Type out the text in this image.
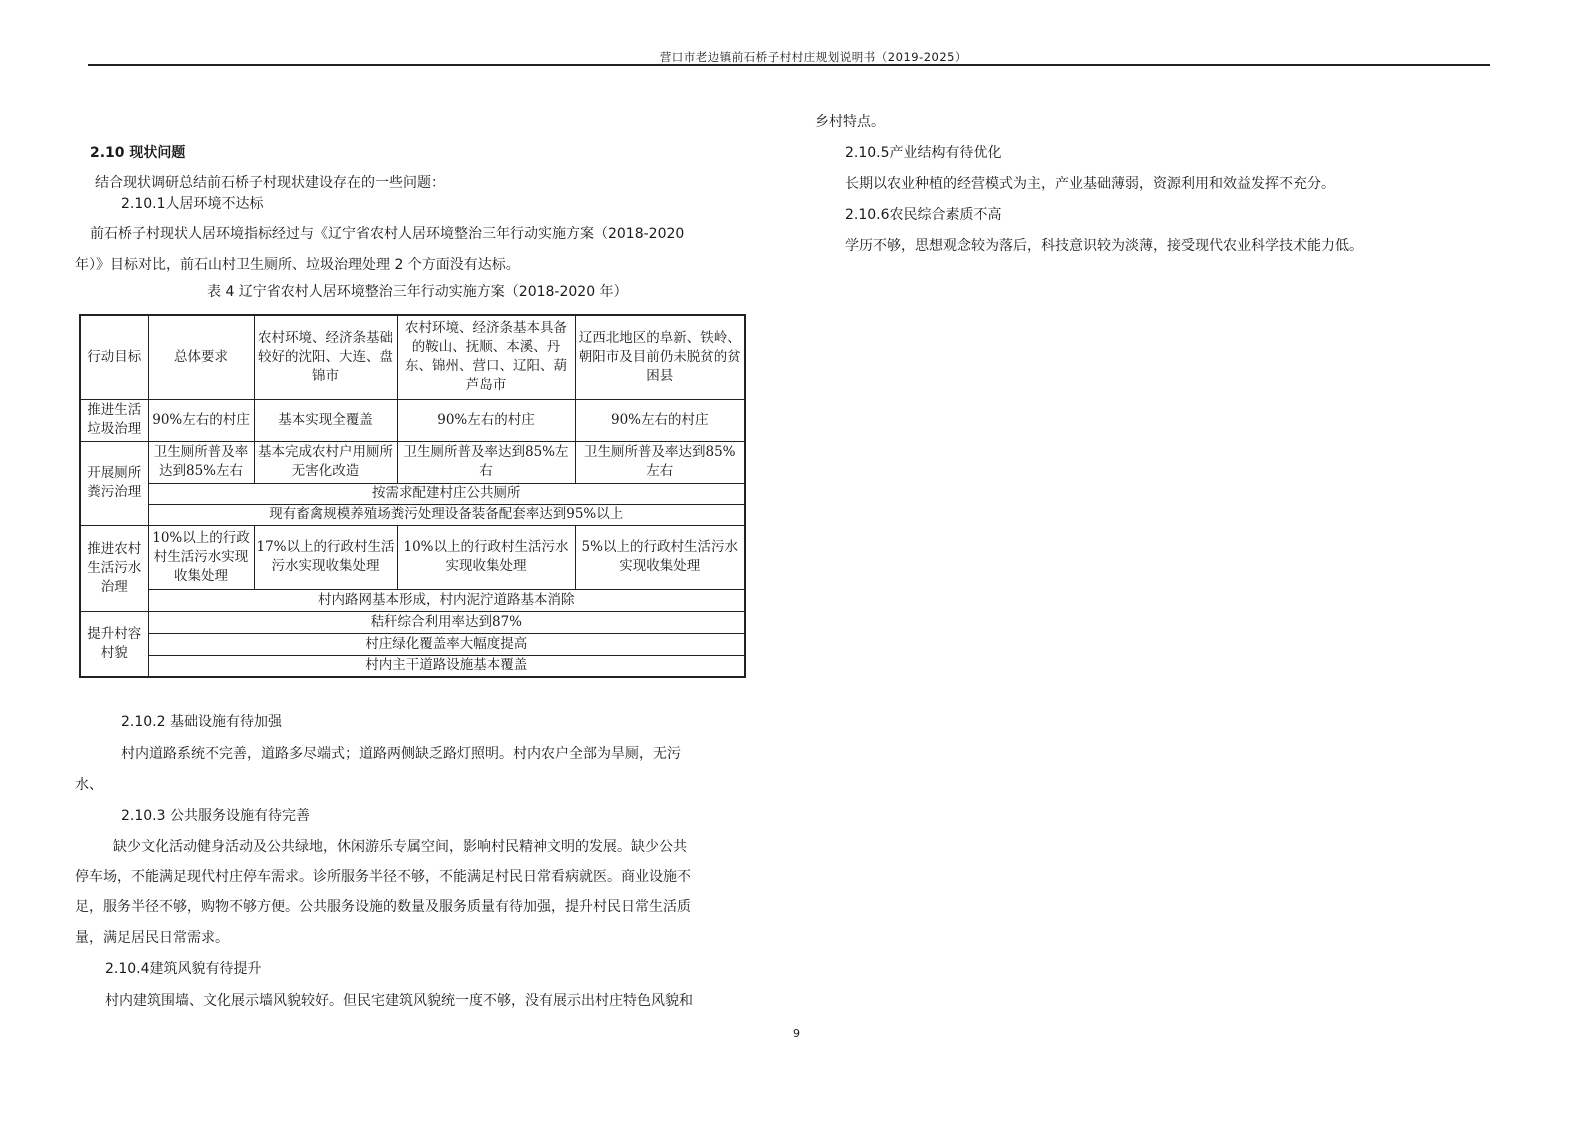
营口市老边镇前石桥子村村庄规划说明书（2019-2025）
2.10 现状问题
结合现状调研总结前石桥子村现状建设存在的一些问题：
2.10.1人居环境不达标
前石桥子村现状人居环境指标经过与《辽宁省农村人居环境整治三年行动实施方案（2018-2020
年）》目标对比，前石山村卫生厕所、垃圾治理处理 2 个方面没有达标。
表 4 辽宁省农村人居环境整治三年行动实施方案（2018-2020 年）
行动目标	总体要求	农村环境、经济条基础较好的沈阳、大连、盘锦市	农村环境、经济条基本具备的鞍山、抚顺、本溪、丹东、锦州、营口、辽阳、葫芦岛市	辽西北地区的阜新、铁岭、朝阳市及目前仍未脱贫的贫困县
推进生活垃圾治理	90%左右的村庄	基本实现全覆盖	90%左右的村庄	90%左右的村庄
开展厕所粪污治理	卫生厕所普及率达到85%左右	基本完成农村户用厕所无害化改造	卫生厕所普及率达到85%左右	卫生厕所普及率达到85%左右
	按需求配建村庄公共厕所			
	现有畜禽规模养殖场粪污处理设备装备配套率达到95%以上			
推进农村生活污水治理	10%以上的行政村生活污水实现收集处理	17%以上的行政村生活污水实现收集处理	10%以上的行政村生活污水实现收集处理	5%以上的行政村生活污水实现收集处理
	村内路网基本形成，村内泥泞道路基本消除			
提升村容村貌	秸秆综合利用率达到87%			
	村庄绿化覆盖率大幅度提高			
	村内主干道路设施基本覆盖			
2.10.2 基础设施有待加强
村内道路系统不完善，道路多尽端式；道路两侧缺乏路灯照明。村内农户全部为旱厕，无污
水、
2.10.3 公共服务设施有待完善
缺少文化活动健身活动及公共绿地，休闲游乐专属空间，影响村民精神文明的发展。缺少公共
停车场，不能满足现代村庄停车需求。诊所服务半径不够，不能满足村民日常看病就医。商业设施不
足，服务半径不够，购物不够方便。公共服务设施的数量及服务质量有待加强，提升村民日常生活质
量，满足居民日常需求。
2.10.4建筑风貌有待提升
村内建筑围墙、文化展示墙风貌较好。但民宅建筑风貌统一度不够，没有展示出村庄特色风貌和
乡村特点。
2.10.5产业结构有待优化
长期以农业种植的经营模式为主，产业基础薄弱，资源利用和效益发挥不充分。
2.10.6农民综合素质不高
学历不够，思想观念较为落后，科技意识较为淡薄，接受现代农业科学技术能力低。
9
